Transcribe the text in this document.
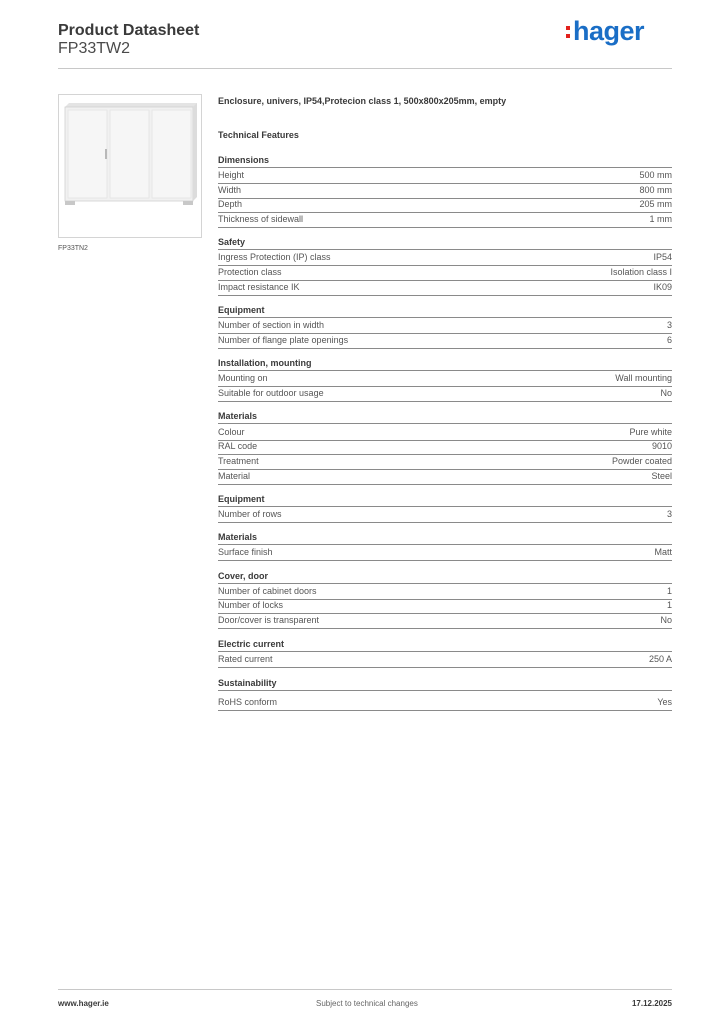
Product Datasheet
FP33TW2
hager
FP33TN2
Enclosure, univers, IP54,Protecion class 1, 500x800x205mm, empty
Technical Features
Dimensions
Height	500 mm
Width	800 mm
Depth	205 mm
Thickness of sidewall	1 mm
Safety
Ingress Protection (IP) class	IP54
Protection class	Isolation class I
Impact resistance IK	IK09
Equipment
Number of section in width	3
Number of flange plate openings	6
Installation, mounting
Mounting on	Wall mounting
Suitable for outdoor usage	No
Materials
Colour	Pure white
RAL code	9010
Treatment	Powder coated
Material	Steel
Equipment
Number of rows	3
Materials
Surface finish	Matt
Cover, door
Number of cabinet doors	1
Number of locks	1
Door/cover is transparent	No
Electric current
Rated current	250 A
Sustainability
RoHS conform	Yes
www.hager.ie	Subject to technical changes	17.12.2025
